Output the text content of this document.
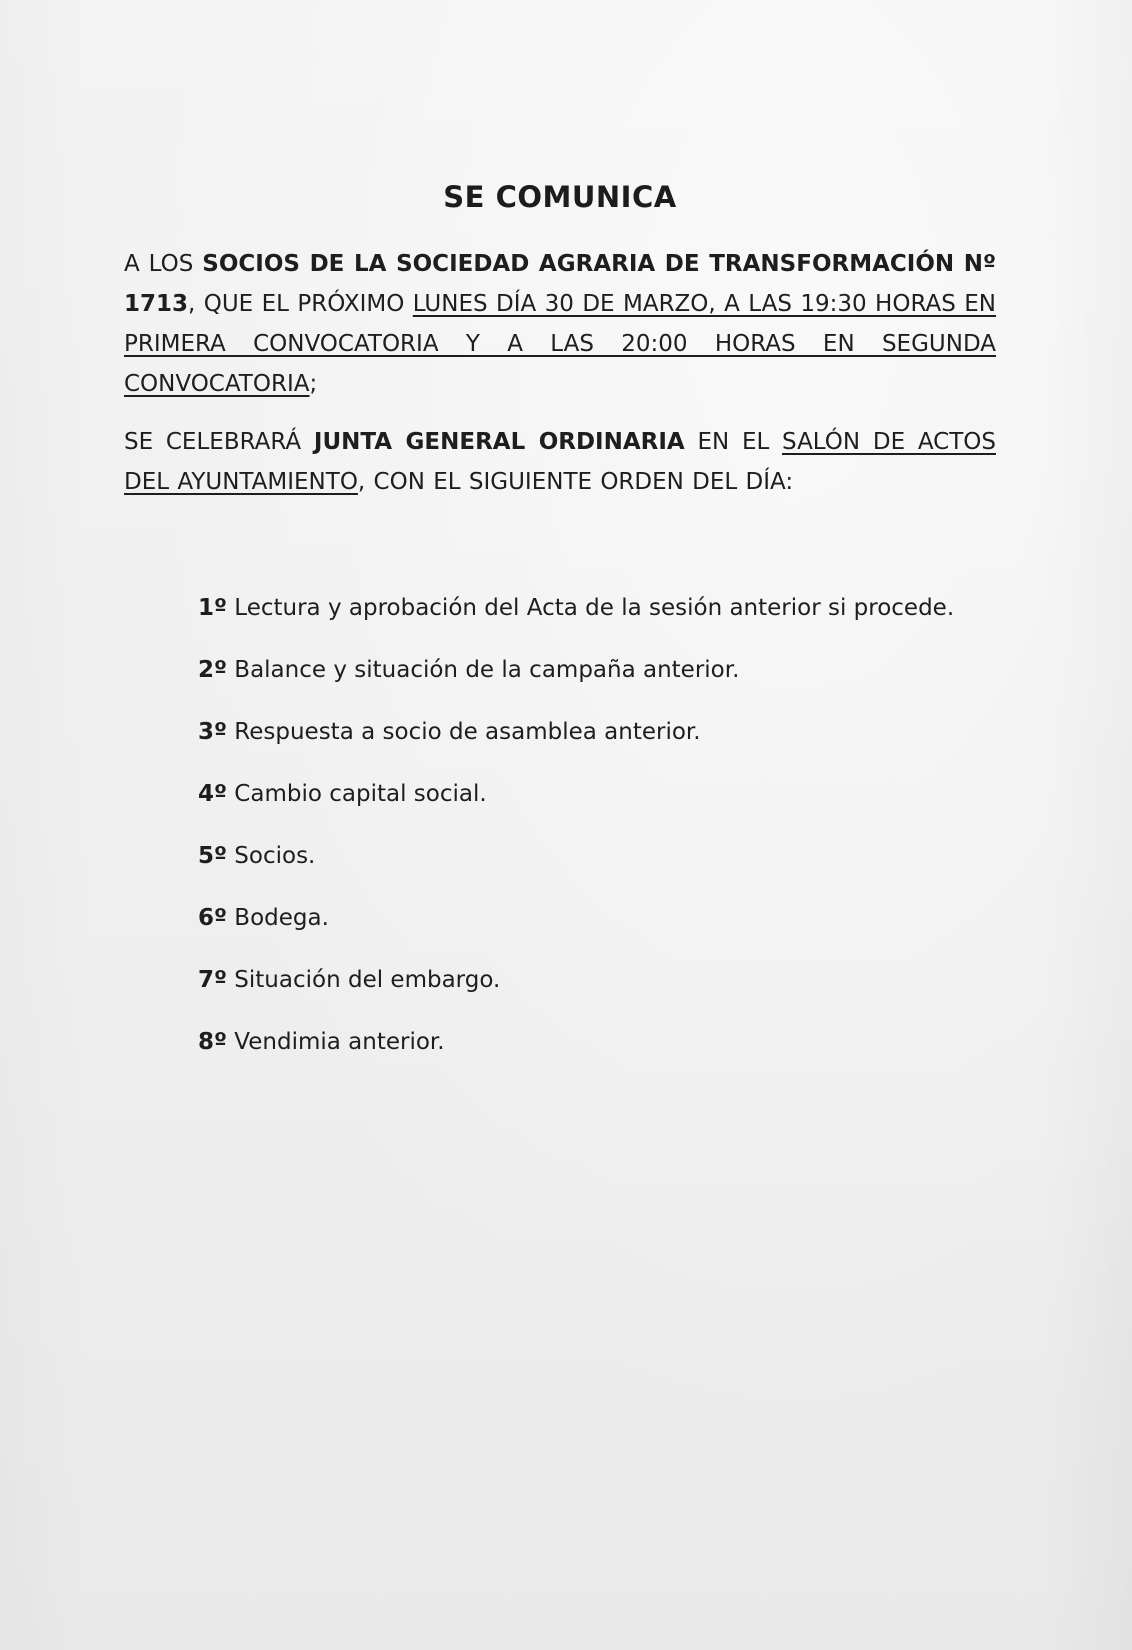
SE COMUNICA

A LOS SOCIOS DE LA SOCIEDAD AGRARIA DE TRANSFORMACIÓN Nº 1713, QUE EL PRÓXIMO LUNES DÍA 30 DE MARZO, A LAS 19:30 HORAS EN PRIMERA CONVOCATORIA Y A LAS 20:00 HORAS EN SEGUNDA CONVOCATORIA;

SE CELEBRARÁ JUNTA GENERAL ORDINARIA EN EL SALÓN DE ACTOS DEL AYUNTAMIENTO, CON EL SIGUIENTE ORDEN DEL DÍA:

1º Lectura y aprobación del Acta de la sesión anterior si procede.
2º Balance y situación de la campaña anterior.
3º Respuesta a socio de asamblea anterior.
4º Cambio capital social.
5º Socios.
6º Bodega.
7º Situación del embargo.
8º Vendimia anterior.
